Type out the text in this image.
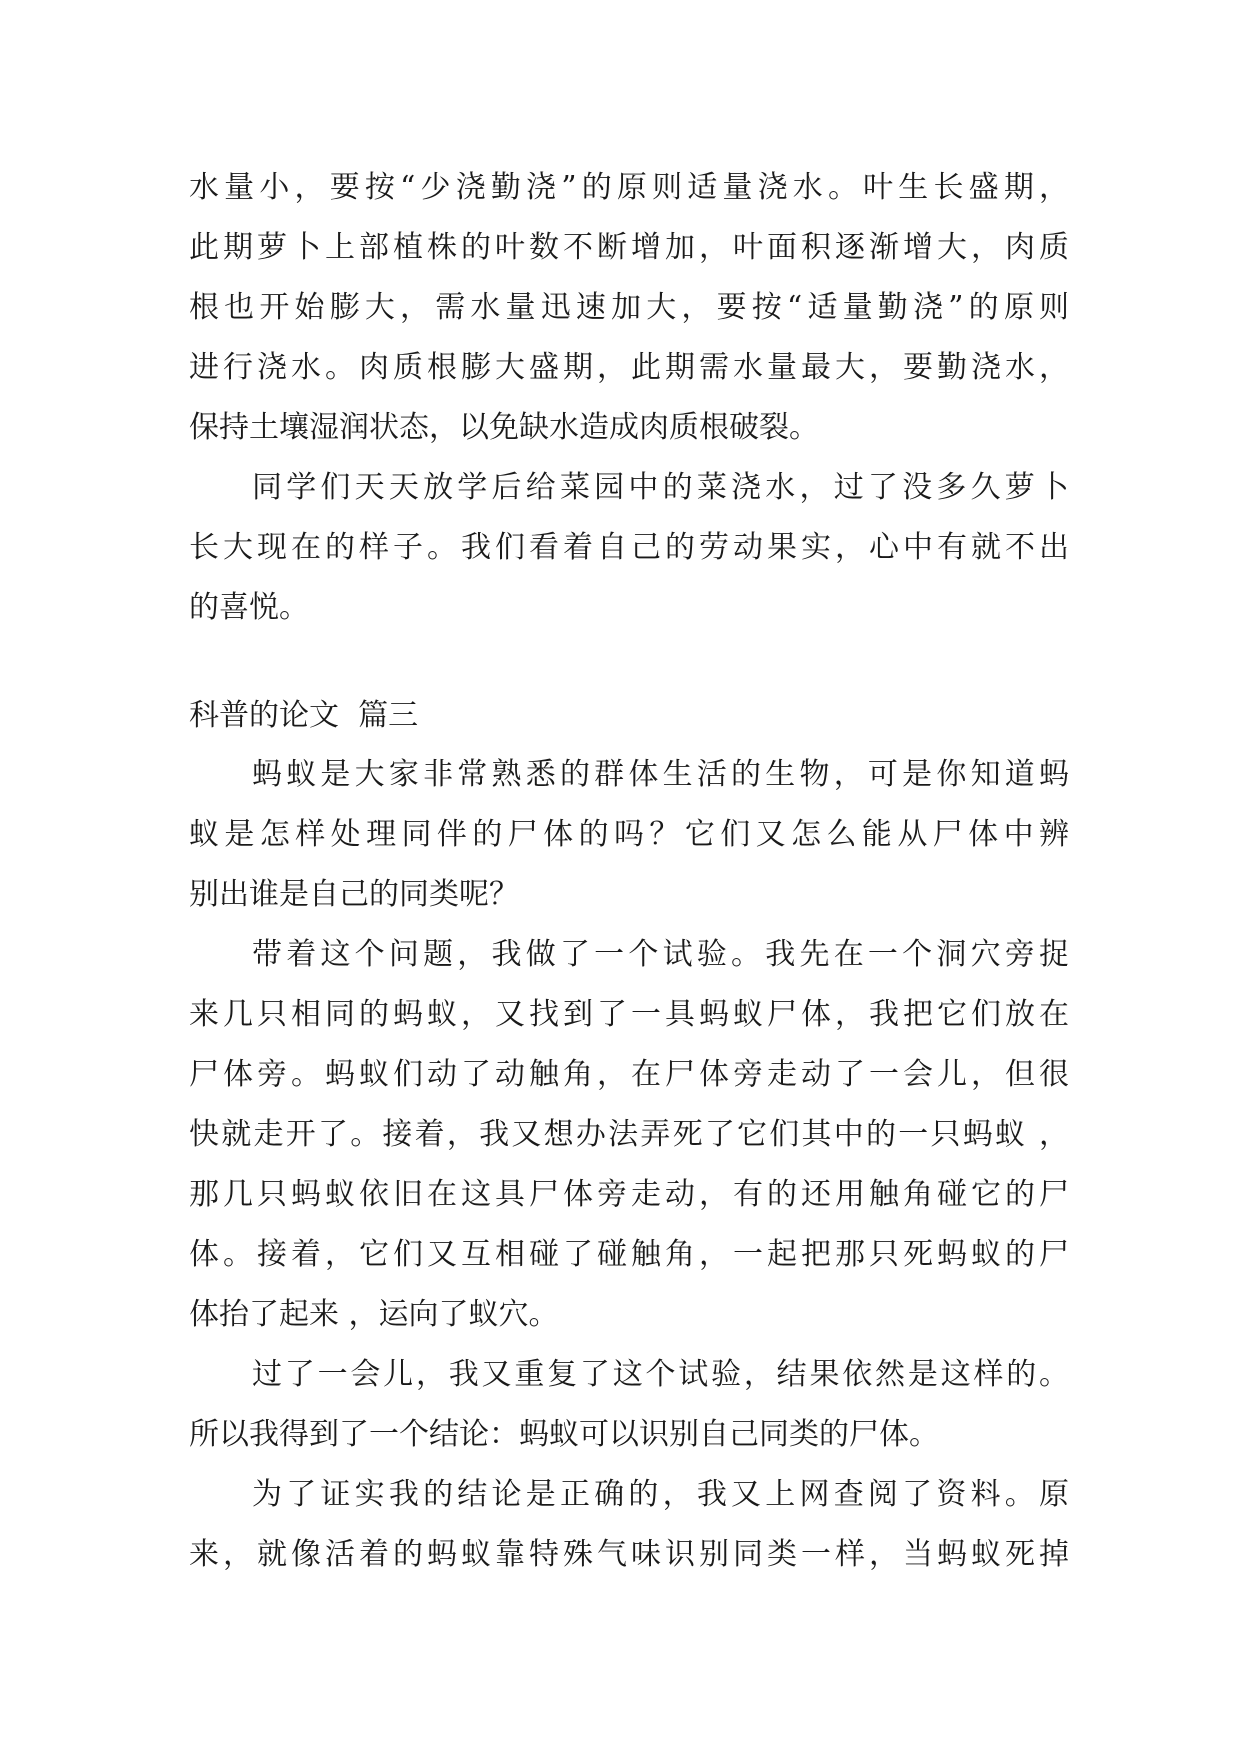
水量小，要按“少浇勤浇”的原则适量浇水。叶生长盛期，
此期萝卜上部植株的叶数不断增加，叶面积逐渐增大，肉质
根也开始膨大，需水量迅速加大，要按“适量勤浇”的原则
进行浇水。肉质根膨大盛期，此期需水量最大，要勤浇水，
保持土壤湿润状态，以免缺水造成肉质根破裂。
同学们天天放学后给菜园中的菜浇水，过了没多久萝卜
长大现在的样子。我们看着自己的劳动果实，心中有就不出
的喜悦。
科普的论文  篇三
蚂蚁是大家非常熟悉的群体生活的生物，可是你知道蚂
蚁是怎样处理同伴的尸体的吗？它们又怎么能从尸体中辨
别出谁是自己的同类呢？
带着这个问题，我做了一个试验。我先在一个洞穴旁捉
来几只相同的蚂蚁，又找到了一具蚂蚁尸体，我把它们放在
尸体旁。蚂蚁们动了动触角，在尸体旁走动了一会儿，但很
快就走开了。接着，我又想办法弄死了它们其中的一只蚂蚁 ，
那几只蚂蚁依旧在这具尸体旁走动，有的还用触角碰它的尸
体。接着，它们又互相碰了碰触角，一起把那只死蚂蚁的尸
体抬了起来 ，运向了蚁穴。
过了一会儿，我又重复了这个试验，结果依然是这样的。
所以我得到了一个结论：蚂蚁可以识别自己同类的尸体。
为了证实我的结论是正确的，我又上网查阅了资料。原
来，就像活着的蚂蚁靠特殊气味识别同类一样，当蚂蚁死掉
